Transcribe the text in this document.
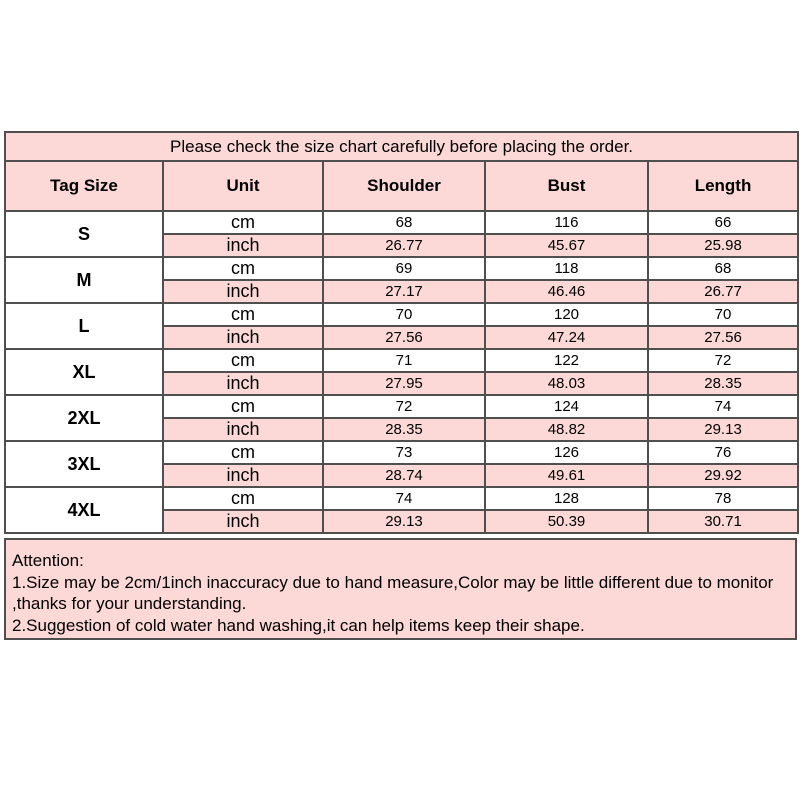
Please check the size chart carefully before placing the order.				
Tag Size	Unit	Shoulder	Bust	Length
S	cm	68	116	66
	inch	26.77	45.67	25.98
M	cm	69	118	68
	inch	27.17	46.46	26.77
L	cm	70	120	70
	inch	27.56	47.24	27.56
XL	cm	71	122	72
	inch	27.95	48.03	28.35
2XL	cm	72	124	74
	inch	28.35	48.82	29.13
3XL	cm	73	126	76
	inch	28.74	49.61	29.92
4XL	cm	74	128	78
	inch	29.13	50.39	30.71
Attention:
1.Size may be 2cm/1inch inaccuracy due to hand measure,Color may be little different due to monitor
,thanks for your understanding.
2.Suggestion of cold water hand washing,it can help items keep their shape.
